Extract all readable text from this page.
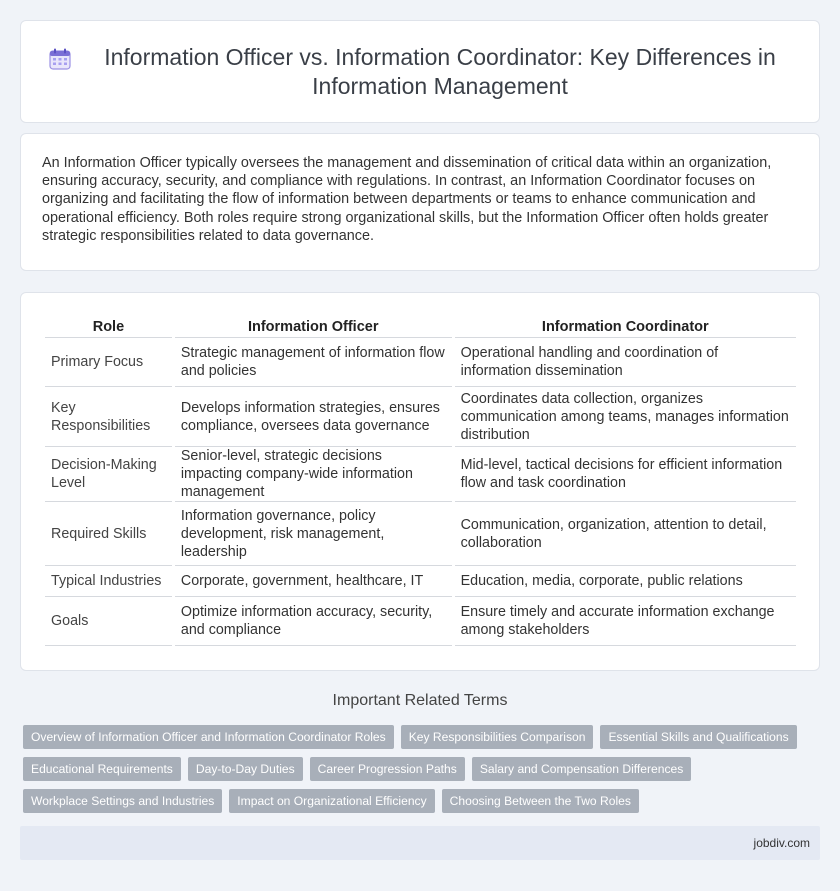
Information Officer vs. Information Coordinator: Key Differences in Information Management

An Information Officer typically oversees the management and dissemination of critical data within an organization, ensuring accuracy, security, and compliance with regulations. In contrast, an Information Coordinator focuses on organizing and facilitating the flow of information between departments or teams to enhance communication and operational efficiency. Both roles require strong organizational skills, but the Information Officer often holds greater strategic responsibilities related to data governance.

Role	Information Officer	Information Coordinator
Primary Focus	Strategic management of information flow and policies	Operational handling and coordination of information dissemination
Key Responsibilities	Develops information strategies, ensures compliance, oversees data governance	Coordinates data collection, organizes communication among teams, manages information distribution
Decision-Making Level	Senior-level, strategic decisions impacting company-wide information management	Mid-level, tactical decisions for efficient information flow and task coordination
Required Skills	Information governance, policy development, risk management, leadership	Communication, organization, attention to detail, collaboration
Typical Industries	Corporate, government, healthcare, IT	Education, media, corporate, public relations
Goals	Optimize information accuracy, security, and compliance	Ensure timely and accurate information exchange among stakeholders
Important Related Terms
Overview of Information Officer and Information Coordinator Roles	Key Responsibilities Comparison	Essential Skills and Qualifications
Educational Requirements	Day-to-Day Duties	Career Progression Paths	Salary and Compensation Differences
Workplace Settings and Industries	Impact on Organizational Efficiency	Choosing Between the Two Roles
jobdiv.com
